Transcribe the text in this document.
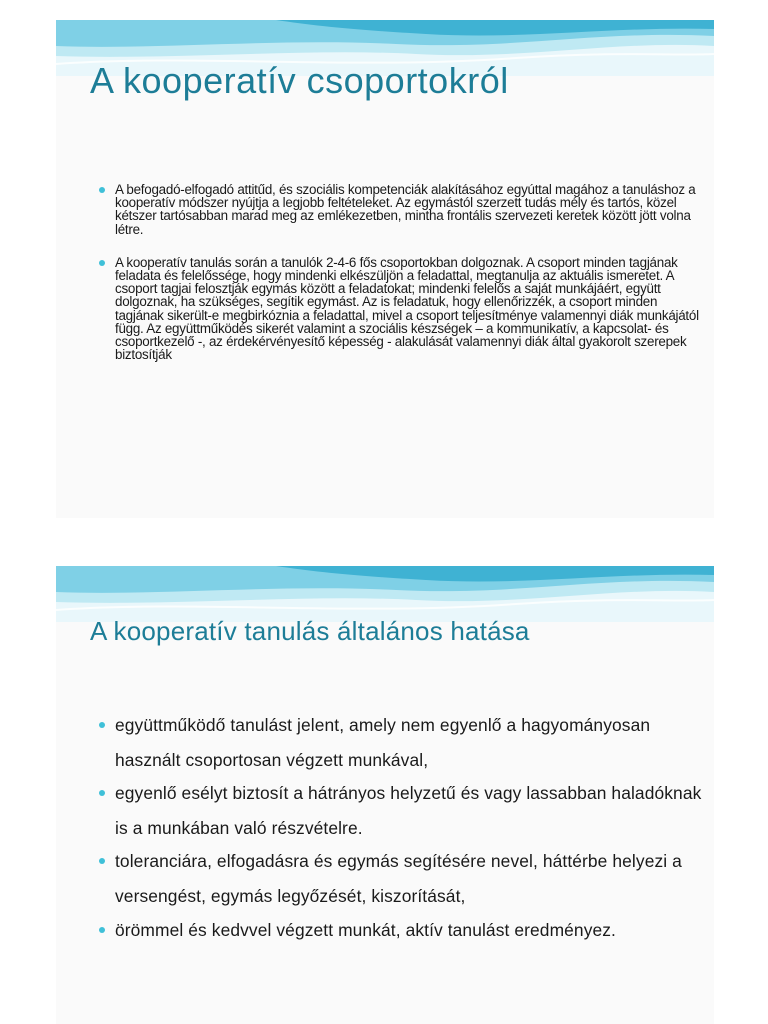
A kooperatív csoportokról
A befogadó-elfogadó attitűd, és szociális kompetenciák alakításához egyúttal magához a tanuláshoz a kooperatív módszer nyújtja a legjobb feltételeket. Az egymástól szerzett tudás mély és tartós, közel kétszer tartósabban marad meg az emlékezetben, mintha frontális szervezeti keretek között jött volna létre.
A kooperatív tanulás során a tanulók 2-4-6 fős csoportokban dolgoznak. A csoport minden tagjának feladata és felelőssége, hogy mindenki elkészüljön a feladattal, megtanulja az aktuális ismeretet. A csoport tagjai felosztják egymás között a feladatokat; mindenki felelős a saját munkájáért, együtt dolgoznak, ha szükséges, segítik egymást. Az is feladatuk, hogy ellenőrizzék, a csoport minden tagjának sikerült-e megbirkóznia a feladattal, mivel a csoport teljesítménye valamennyi diák munkájától függ. Az együttműködés sikerét valamint a szociális készségek – a kommunikatív, a kapcsolat- és csoportkezelő -, az érdekérvényesítő képesség - alakulását valamennyi diák által gyakorolt szerepek biztosítják
A kooperatív tanulás általános hatása
együttműködő tanulást jelent, amely nem egyenlő a hagyományosan használt csoportosan végzett munkával,
egyenlő esélyt biztosít a hátrányos helyzetű és vagy lassabban haladóknak is a munkában való részvételre.
toleranciára, elfogadásra és egymás segítésére nevel, háttérbe helyezi a versengést, egymás legyőzését, kiszorítását,
örömmel és kedvvel végzett munkát, aktív tanulást eredményez.
